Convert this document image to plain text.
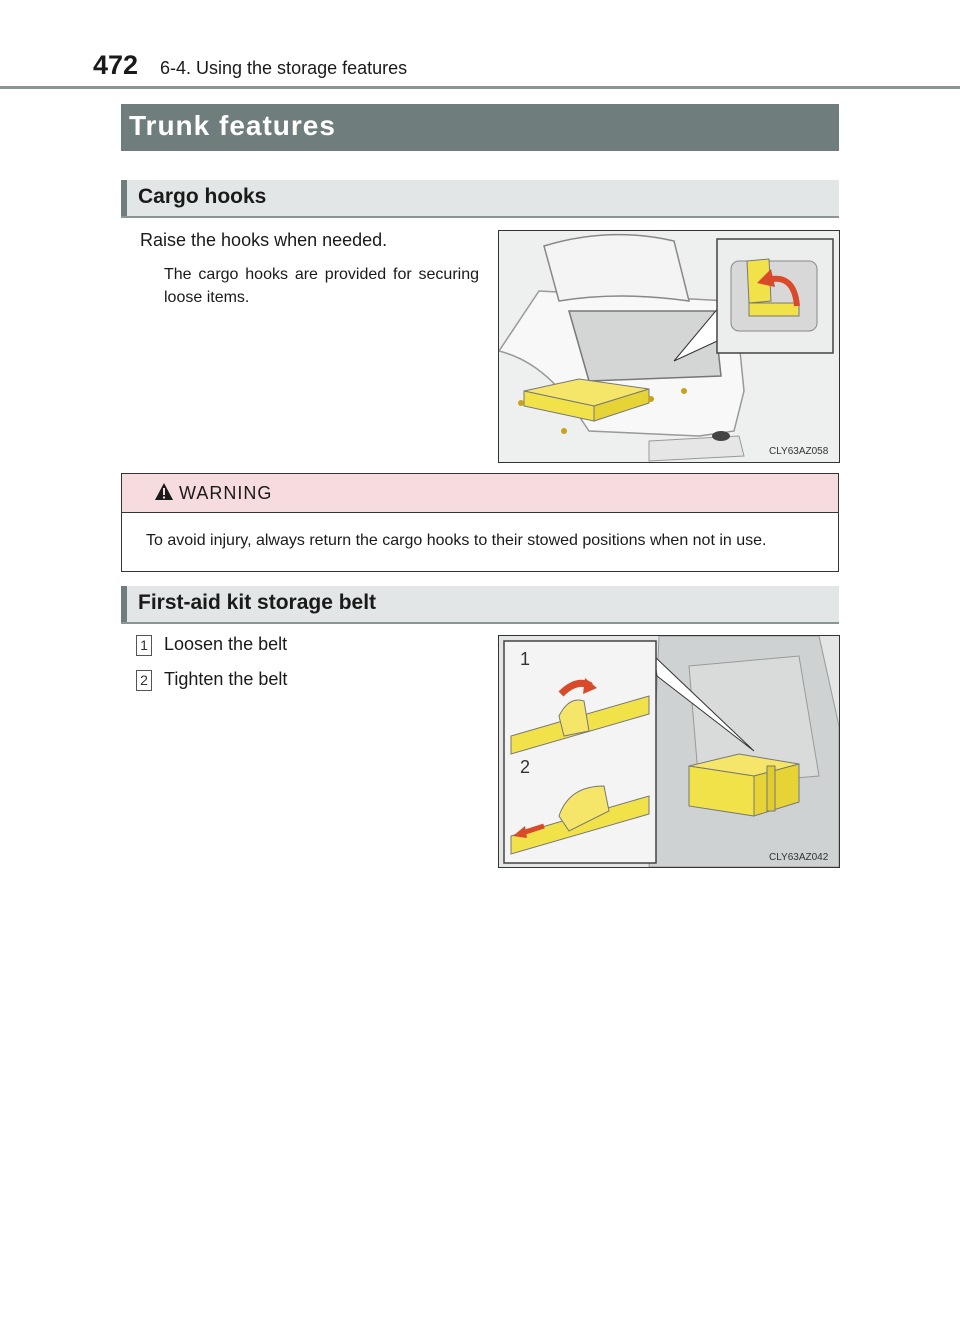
472 6-4. Using the storage features
Trunk features
Cargo hooks
Raise the hooks when needed.
The cargo hooks are provided for securing loose items.
CLY63AZ058
WARNING
To avoid injury, always return the cargo hooks to their stowed positions when not in use.
First-aid kit storage belt
1 Loosen the belt
2 Tighten the belt
1
2
CLY63AZ042
